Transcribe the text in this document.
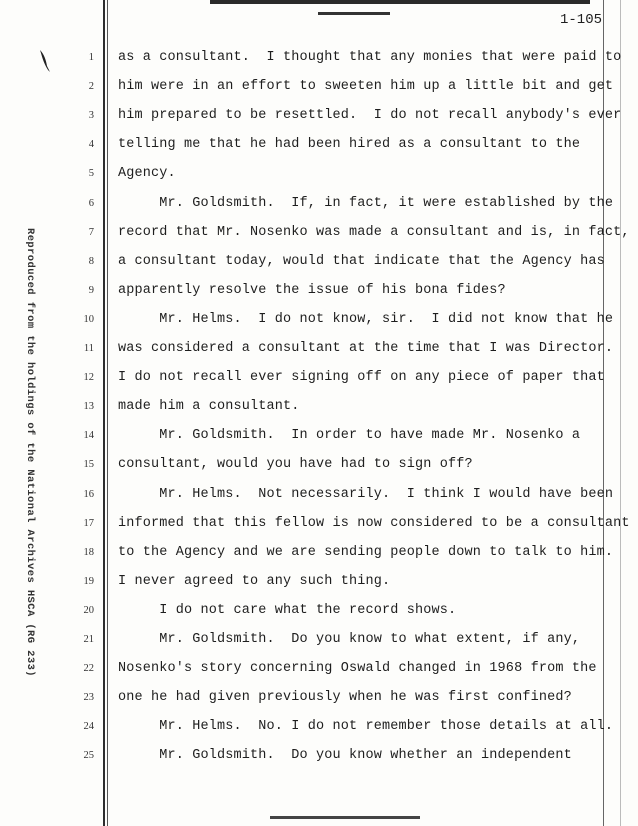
1-105
Reproduced from the holdings of the National Archives HSCA (RG 233)
1 as a consultant.  I thought that any monies that were paid to
2 him were in an effort to sweeten him up a little bit and get
3 him prepared to be resettled.  I do not recall anybody's ever
4 telling me that he had been hired as a consultant to the
5 Agency.
6 Mr. Goldsmith.  If, in fact, it were established by the
7 record that Mr. Nosenko was made a consultant and is, in fact,
8 a consultant today, would that indicate that the Agency has
9 apparently resolve the issue of his bona fides?
10 Mr. Helms.  I do not know, sir.  I did not know that he
11 was considered a consultant at the time that I was Director.
12 I do not recall ever signing off on any piece of paper that
13 made him a consultant.
14 Mr. Goldsmith.  In order to have made Mr. Nosenko a
15 consultant, would you have had to sign off?
16 Mr. Helms.  Not necessarily.  I think I would have been
17 informed that this fellow is now considered to be a consultant
18 to the Agency and we are sending people down to talk to him.
19 I never agreed to any such thing.
20 I do not care what the record shows.
21 Mr. Goldsmith.  Do you know to what extent, if any,
22 Nosenko's story concerning Oswald changed in 1968 from the
23 one he had given previously when he was first confined?
24 Mr. Helms.  No. I do not remember those details at all.
25 Mr. Goldsmith.  Do you know whether an independent
